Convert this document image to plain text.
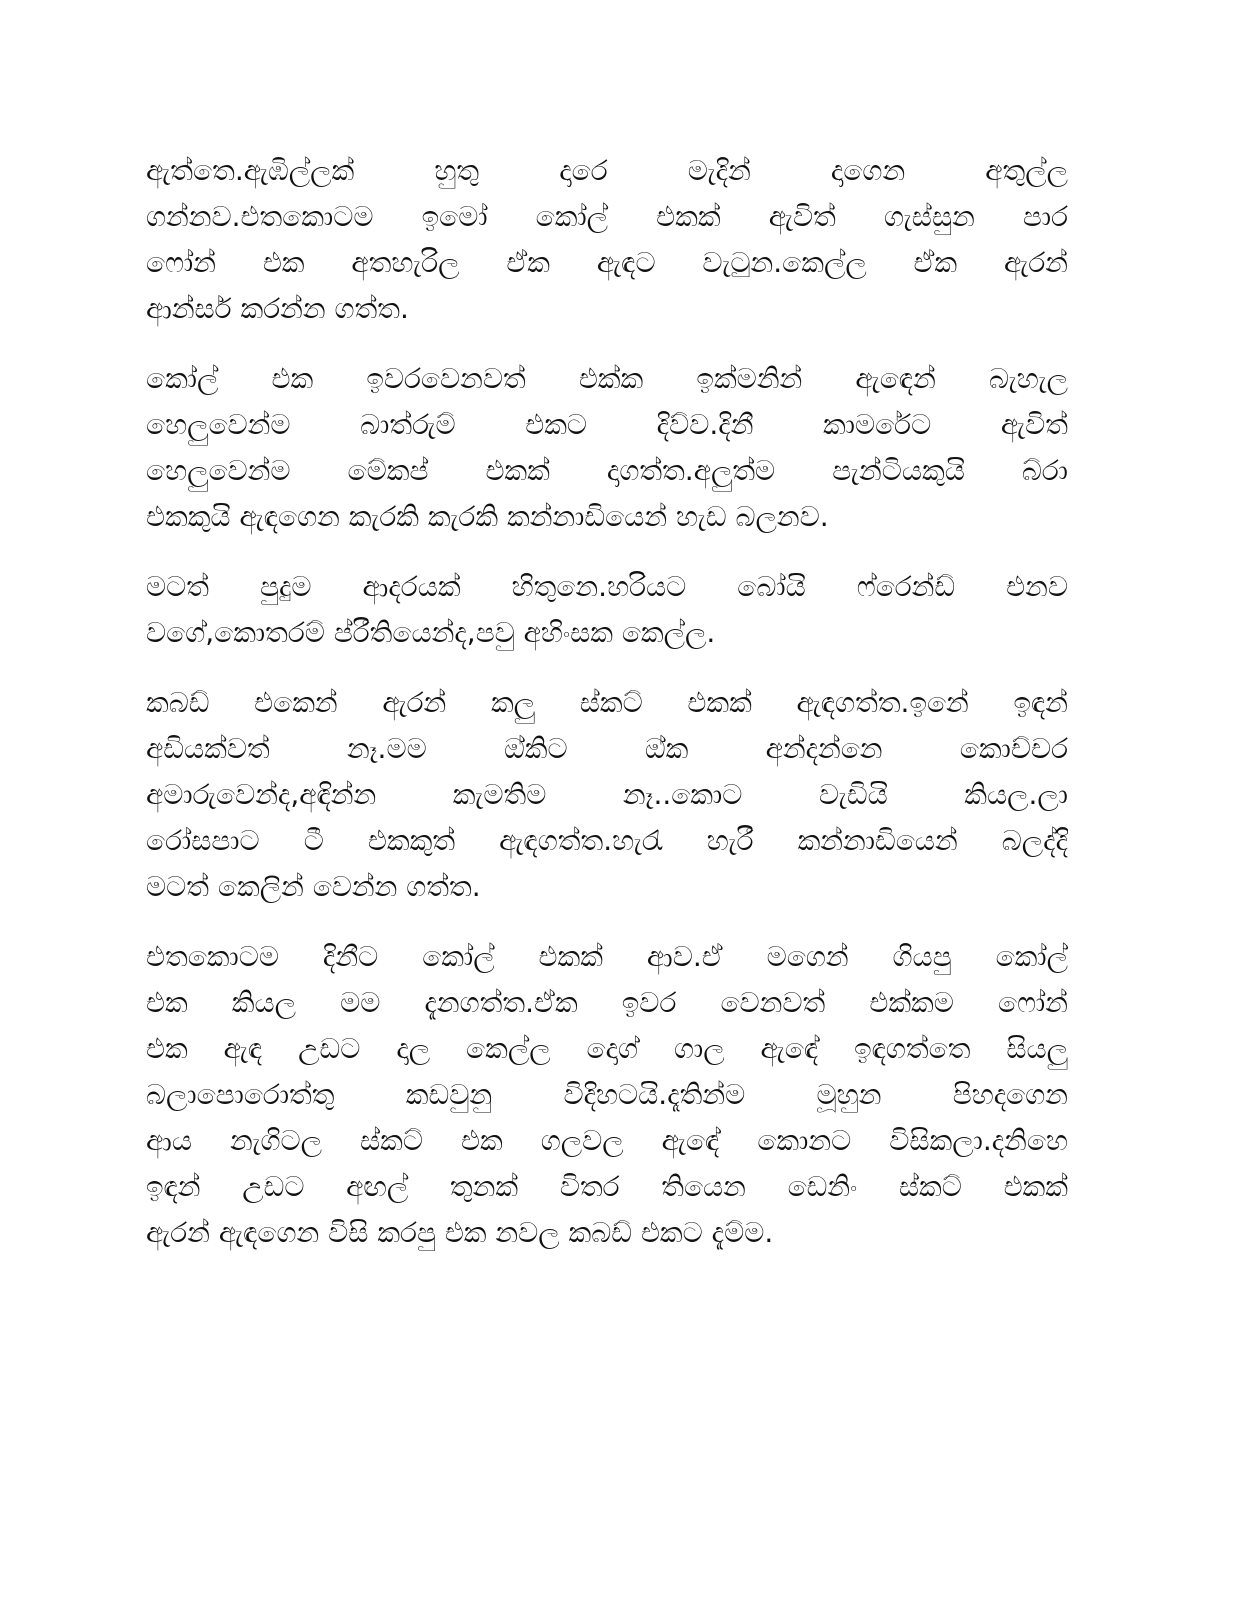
ඇත්තෙ.ඇඹිල්ලක් හුතු දාරෙ මැදින් දාගෙන අතුල්ල
ගන්නව.එතකොටම ඉමෝ කෝල් එකක් ඇවිත් ගැස්සුන පාර
ෆෝන් එක අතහැරිල ඒක ඇඳට වැටුන.කෙල්ල ඒක ඇරන්
ආන්සර් කරන්න ගත්ත.

කෝල් එක ඉවරවෙනවත් එක්ක ඉක්මනින් ඇඳෙන් බැහැල
හෙලුවෙන්ම බාත්රුම් එකට දිව්ව.දිනී කාමරේට ඇවිත්
හෙලුවෙන්ම මේකප් එකක් දාගත්ත.අලුත්ම පැන්ටියකුයි බ්රා
එකකුයි ඇඳගෙන කැරකි කැරකි කන්නාඩියෙන් හැඩ බලනව.

මටත් පුදුම ආදරයක් හිතුනෙ.හරියට බෝයි ෆ්රෙන්ඩ් එනව
වගේ,කොතරම් ප්රීතියෙන්ද,පවු අහිංසක කෙල්ල.

කබඩ් එකෙන් ඇරන් කලු ස්කට් එකක් ඇඳගත්ත.ඉනේ ඉඳන්
අඩියක්වත් නෑ.මම ඔ්කිට ඔ්ක අන්දන්නෙ කොච්චර
අමාරුවෙන්ද,අඳින්න කැමතිම නෑ..කොට වැඩියි කියල.ලා
රෝසපාට ටී එකකුත් ඇඳගත්ත.හැරැ හැරී කන්නාඩියෙන් බලද්දි
මටත් කෙලින් වෙන්න ගත්ත.

එතකොටම දිනීට කෝල් එකක් ආව.ඒ මගෙන් ගියපු කෝල්
එක කියල මම දැනගත්ත.ඒක ඉවර වෙනවත් එක්කම ෆෝන්
එක ඇඳ උඩට දාල කෙල්ල දොග් ගාල ඇඳේ ඉඳගත්තෙ සියලු
බලාපොරොත්තු කඩවුනු විදිහටයි.දෑතින්ම මූහුන පිහදගෙන
ආය නැගිටල ස්කට් එක ගලවල ඇඳේ කොනට විසිකලා.දනිහෙ
ඉඳන් උඩට අඟල් තුනක් විතර තියෙන ඩෙනිං ස්කට් එකක්
ඇරන් ඇඳගෙන විසි කරපු එක නවල කබඩ් එකට දැම්ම.
